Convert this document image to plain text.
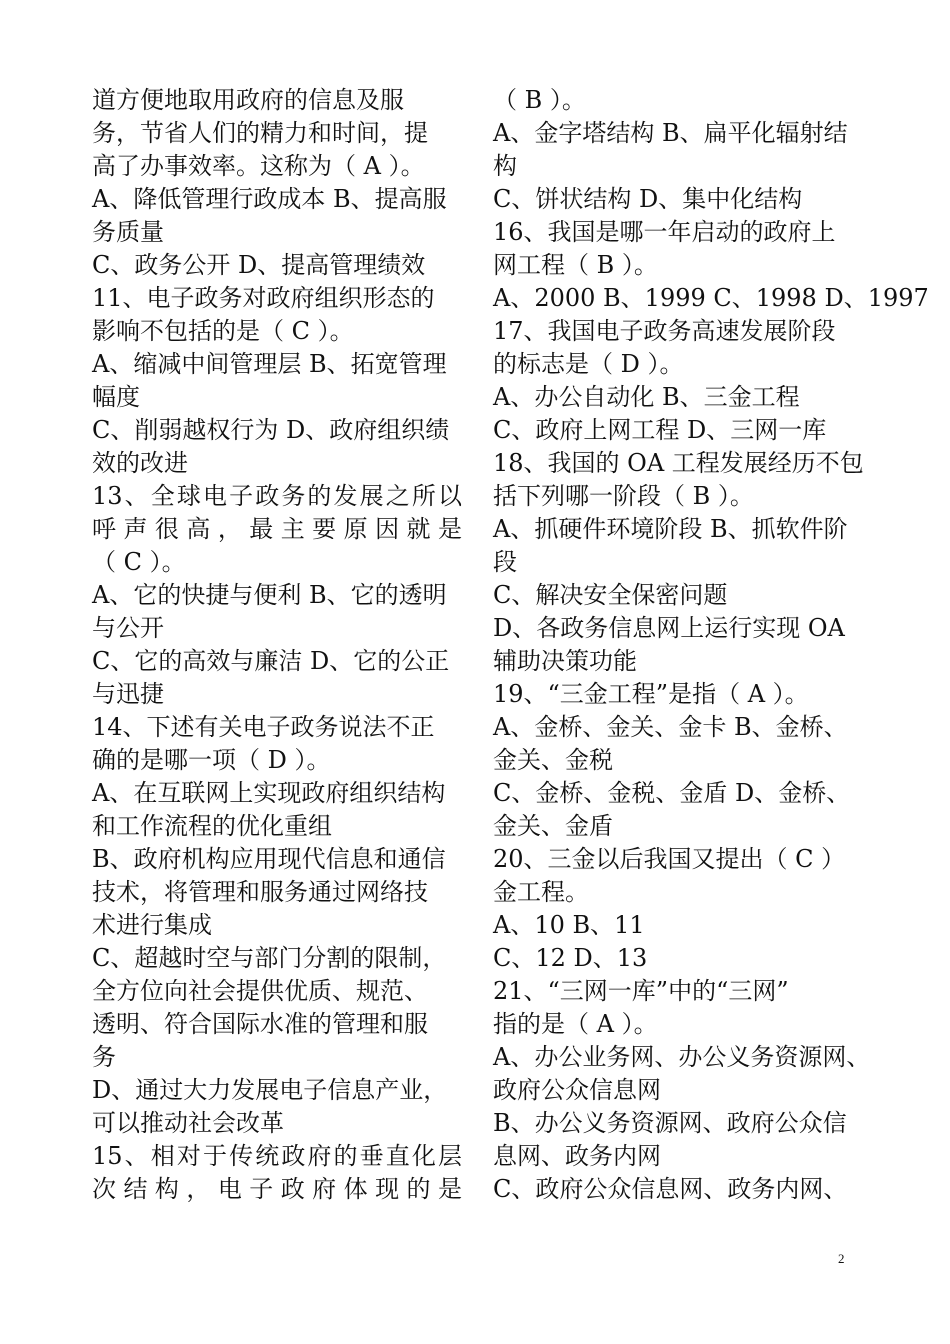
道方便地取用政府的信息及服
务，节省人们的精力和时间，提
高了办事效率。这称为（ A ）。
A、降低管理行政成本 B、提高服
务质量
C、政务公开 D、提高管理绩效
11、电子政务对政府组织形态的
影响不包括的是（ C ）。
A、缩减中间管理层 B、拓宽管理
幅度
C、削弱越权行为 D、政府组织绩
效的改进
13、全球电子政务的发展之所以
呼声很高，最主要原因就是
（ C ）。
A、它的快捷与便利 B、它的透明
与公开
C、它的高效与廉洁 D、它的公正
与迅捷
14、下述有关电子政务说法不正
确的是哪一项（ D ）。
A、在互联网上实现政府组织结构
和工作流程的优化重组
B、政府机构应用现代信息和通信
技术，将管理和服务通过网络技
术进行集成
C、超越时空与部门分割的限制，
全方位向社会提供优质、规范、
透明、符合国际水准的管理和服
务
D、通过大力发展电子信息产业，
可以推动社会改革
15、相对于传统政府的垂直化层
次结构，电子政府体现的是
（ B ）。
A、金字塔结构 B、扁平化辐射结
构
C、饼状结构 D、集中化结构
16、我国是哪一年启动的政府上
网工程（ B ）。
A、2000 B、1999 C、1998 D、1997
17、我国电子政务高速发展阶段
的标志是（ D ）。
A、办公自动化 B、三金工程
C、政府上网工程 D、三网一库
18、我国的 OA 工程发展经历不包
括下列哪一阶段（ B ）。
A、抓硬件环境阶段 B、抓软件阶
段
C、解决安全保密问题
D、各政务信息网上运行实现 OA
辅助决策功能
19、“三金工程”是指（ A ）。
A、金桥、金关、金卡 B、金桥、
金关、金税
C、金桥、金税、金盾 D、金桥、
金关、金盾
20、三金以后我国又提出（ C ）
金工程。
A、10 B、11
C、12 D、13
21、“三网一库”中的“三网”
指的是（ A ）。
A、办公业务网、办公义务资源网、
政府公众信息网
B、办公义务资源网、政府公众信
息网、政务内网
C、政府公众信息网、政务内网、
2
